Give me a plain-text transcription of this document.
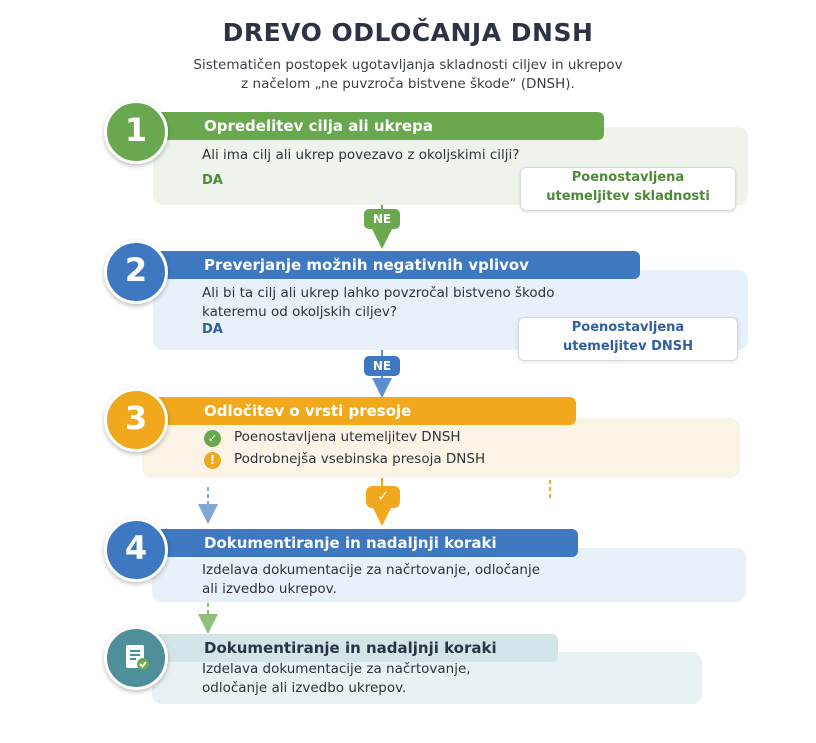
DREVO ODLOČANJA DNSH
Sistematičen postopek ugotavljanja skladnosti ciljev in ukrepov
z načelom „ne puvzroča bistvene škode“ (DNSH).
Opredelitev cilja ali ukrepa
1
Ali ima cilj ali ukrep povezavo z okoljskimi cilji?
DA	Poenostavljena
utemeljitev skladnosti
NE
Preverjanje možnih negativnih vplivov
2
Ali bi ta cilj ali ukrep lahko povzročal bistveno škodo
kateremu od okoljskih ciljev?
DA	Poenostavljena
utemeljitev DNSH
NE
Odločitev o vrsti presoje
3
✓ Poenostavljena utemeljitev DNSH
!	Podrobnejša vsebinska presoja DNSH
✓
Dokumentiranje in nadaljnji koraki
4
Izdelava dokumentacije za načrtovanje, odločanje
ali izvedbo ukrepov.
Dokumentiranje in nadaljnji koraki
Izdelava dokumentacije za načrtovanje,
odločanje ali izvedbo ukrepov.
